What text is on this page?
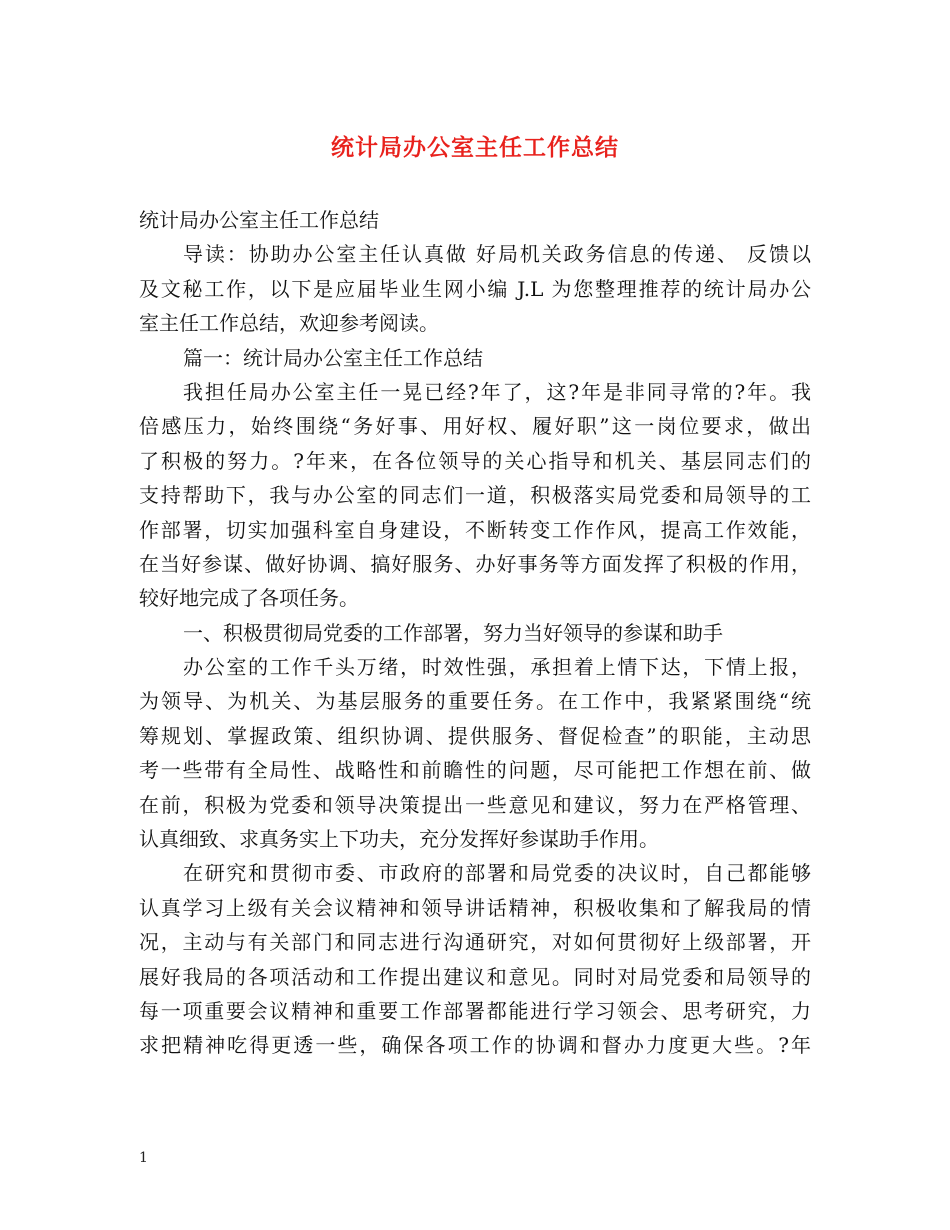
统计局办公室主任工作总结
统计局办公室主任工作总结
导读：协助办公室主任认真做 好局机关政务信息的传递、 反馈以
及文秘工作，以下是应届毕业生网小编 J.L 为您整理推荐的统计局办公
室主任工作总结，欢迎参考阅读。
篇一：统计局办公室主任工作总结
我担任局办公室主任一晃已经?年了，这?年是非同寻常的?年。我
倍感压力，始终围绕“务好事、用好权、履好职”这一岗位要求，做出
了积极的努力。?年来，在各位领导的关心指导和机关、基层同志们的
支持帮助下，我与办公室的同志们一道，积极落实局党委和局领导的工
作部署，切实加强科室自身建设，不断转变工作作风，提高工作效能，
在当好参谋、做好协调、搞好服务、办好事务等方面发挥了积极的作用，
较好地完成了各项任务。
一、积极贯彻局党委的工作部署，努力当好领导的参谋和助手
办公室的工作千头万绪，时效性强，承担着上情下达，下情上报，
为领导、为机关、为基层服务的重要任务。在工作中，我紧紧围绕“统
筹规划、掌握政策、组织协调、提供服务、督促检查”的职能，主动思
考一些带有全局性、战略性和前瞻性的问题，尽可能把工作想在前、做
在前，积极为党委和领导决策提出一些意见和建议，努力在严格管理、
认真细致、求真务实上下功夫，充分发挥好参谋助手作用。
在研究和贯彻市委、市政府的部署和局党委的决议时，自己都能够
认真学习上级有关会议精神和领导讲话精神，积极收集和了解我局的情
况，主动与有关部门和同志进行沟通研究，对如何贯彻好上级部署，开
展好我局的各项活动和工作提出建议和意见。同时对局党委和局领导的
每一项重要会议精神和重要工作部署都能进行学习领会、思考研究，力
求把精神吃得更透一些，确保各项工作的协调和督办力度更大些。?年
1
